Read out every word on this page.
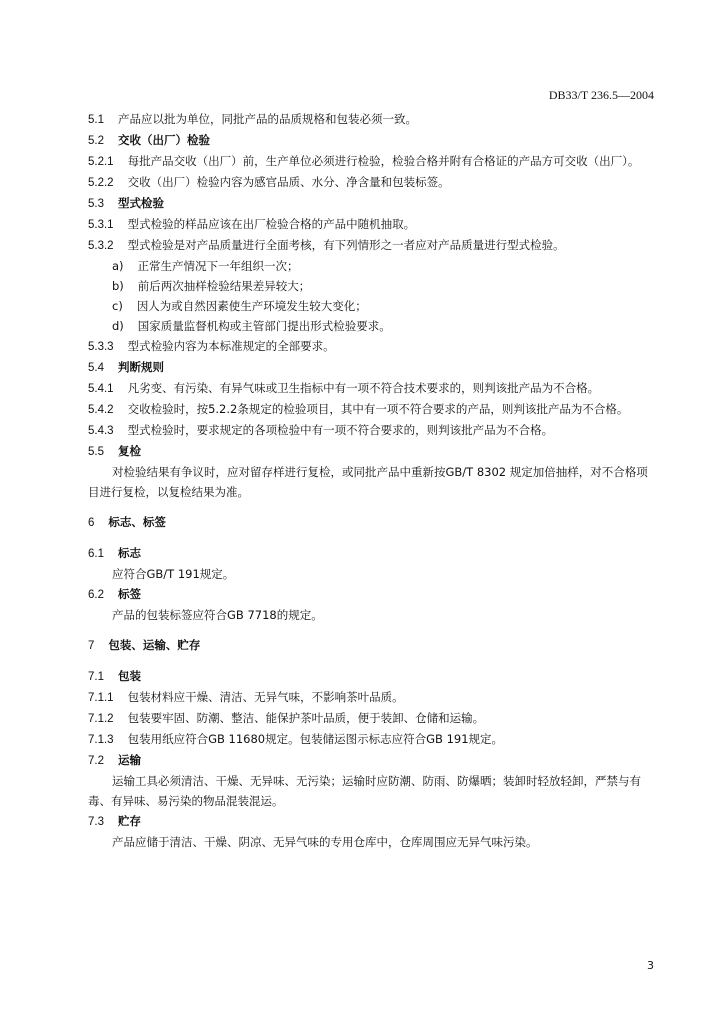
DB33/T 236.5—2004
5.1 产品应以批为单位，同批产品的品质规格和包装必须一致。
5.2 交收（出厂）检验
5.2.1 每批产品交收（出厂）前，生产单位必须进行检验，检验合格并附有合格证的产品方可交收（出厂）。
5.2.2 交收（出厂）检验内容为感官品质、水分、净含量和包装标签。
5.3 型式检验
5.3.1 型式检验的样品应该在出厂检验合格的产品中随机抽取。
5.3.2 型式检验是对产品质量进行全面考核，有下列情形之一者应对产品质量进行型式检验。
a) 正常生产情况下一年组织一次；
b) 前后两次抽样检验结果差异较大；
c) 因人为或自然因素使生产环境发生较大变化；
d) 国家质量监督机构或主管部门提出形式检验要求。
5.3.3 型式检验内容为本标准规定的全部要求。
5.4 判断规则
5.4.1 凡劣变、有污染、有异气味或卫生指标中有一项不符合技术要求的，则判该批产品为不合格。
5.4.2 交收检验时，按5.2.2条规定的检验项目，其中有一项不符合要求的产品，则判该批产品为不合格。
5.4.3 型式检验时，要求规定的各项检验中有一项不符合要求的，则判该批产品为不合格。
5.5 复检
对检验结果有争议时，应对留存样进行复检，或同批产品中重新按GB/T 8302 规定加倍抽样，对不合格项目进行复检，以复检结果为准。
6 标志、标签
6.1 标志
应符合GB/T 191规定。
6.2 标签
产品的包装标签应符合GB 7718的规定。
7 包装、运输、贮存
7.1 包装
7.1.1 包装材料应干燥、清洁、无异气味，不影响茶叶品质。
7.1.2 包装要牢固、防潮、整洁、能保护茶叶品质，便于装卸、仓储和运输。
7.1.3 包装用纸应符合GB 11680规定。包装储运图示标志应符合GB 191规定。
7.2 运输
运输工具必须清洁、干燥、无异味、无污染；运输时应防潮、防雨、防爆晒；装卸时轻放轻卸，严禁与有毒、有异味、易污染的物品混装混运。
7.3 贮存
产品应储于清洁、干燥、阴凉、无异气味的专用仓库中，仓库周围应无异气味污染。
3
